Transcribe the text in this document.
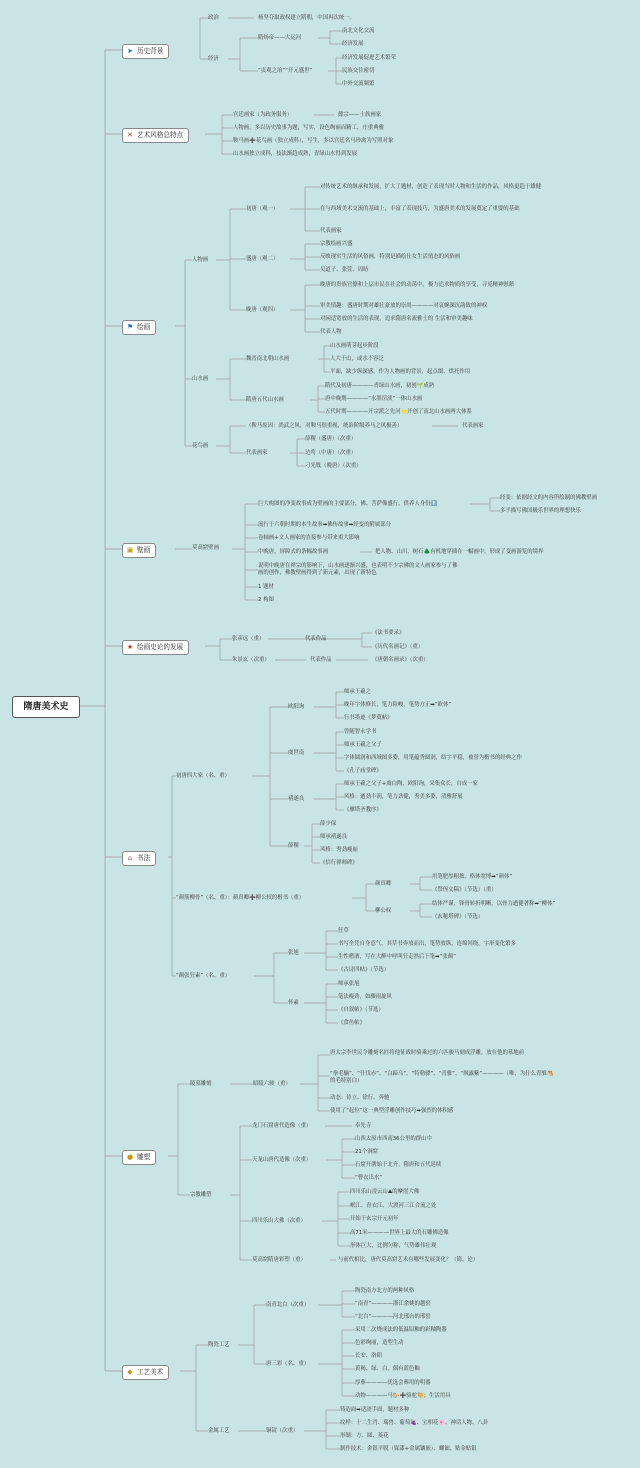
隋唐美术史
➤ 历史背景
✕ 艺术风格总特点
⚑ 绘画
▣ 壁画
★ 绘画史论的发展
⌂ 书法
● 雕塑
◆ 工艺美术
政治	杨坚夺取政权建立隋朝，中国再次统一。
经济
隋炀帝——大运河
南北文化交流
经济发展
“贞观之治”“开元盛世”
经济发展促进艺术繁荣
民族交往密切
中外交流频繁
宫廷画家（为政务服务）	懿宗——士族画家
人物画，多以历史故事为题，写实，设色绚丽而精工，庄重典雅
鞍马画➕花鸟画（独立成科），写生，多以宫廷名马珍禽为写照对象
山水画独立成科，技法渐趋成熟，青绿山水得到发展
人物画
初唐（观一）
对传统艺术的继承和发展，扩大了题材，创造了表现当时人物和生活的作品，风格更趋于雄健
在与西域美术交流的基础上，丰富了表现技巧，为盛唐美术的发展奠定了重要的基础
代表画家
盛唐（观二）
宗教绘画兴盛
反映现实生活的风俗画，特别是描绘仕女生活情态的风俗画
吴道子、张萱、周昉
晚唐（观四）
晚唐的贵族官僚和上层市民在社会的动荡中，极力追求物质的享受，寻觅精神慰藉
审美情趣：盛唐时期对雄壮豪放的崇尚————对哀婉深沉韵致的神权
对闲适宽放的生活的表现，追求隋唐名流雅士的 生活和审美趣味
代表人物
山水画
魏晋南北朝山水画
山水画萌芽起步阶段
人大于山，或水不容泛
平面，缺少纵深感，作为人物画的背景，起点缀、烘托作用
隋唐五代山水画
隋代及初唐————青绿山水画，初创🌱成熟
唐中晚期————“水墨渲淡”一体山水画
五代时期————开宗派之先河🌟开创了南北山水画两大体系
花鸟画
（鞍马原因：尚武之风，对鞍马很重视，统治阶级养马之风极善）	代表画家
代表画家
薛稷（盛唐）（次重）
边鸾（中唐）（次重）
刁光胤（晚唐）（次重）
莫高窟壁画
巨大构图的净变故事成为壁画的主要部分，佛、菩萨像盛行，供养人身份⬆️
经变：依据经文的内容所绘制的佛教壁画
多半描写佛国极乐世界的理想快乐
流行于六朝时期的本生故事➡佛传故事➡经变的附属部分
卷轴画+文人画家的直接参与带来重大影响
中晚唐，屏障式的条幅故事画	把人物、山川、树石🌲有机地穿插在一幅画中，形成了变画游览的境界
说明中晚唐在禅宗的影响下，山水画逐渐兴盛，也表明不少宗佛的文人画家参与了佛画的创作，佛教壁画得到了新元素，出现了新特色
1 题材
2 构图
张彦远（重）	代表作品
《法书要录》
《历代名画记》（重）
朱景玄（次重）	代表作品	《唐朝名画录》（次重）
初唐四大家（名、重）
欧阳询
师承王羲之
晚年字体修长，笔力险峻，笔势方正➡“欧体”
行书墨迹《梦奠帖》
虞世南
曾随智永学书
师承王羲之父子
字体圆润和西域图多姿，用笔蕴秀圆润，结字平稳，被誉为楷书的经典之作
《孔子庙堂碑》
褚遂良
师承王羲之父子+虞白陶，欧阳询，采集众长，自成一家
风格：遒劲丰润，笔力劲健，秀美多姿，清雅舒展
《雁塔圣教序》
薛稷
薛少保
师承褚遂良
风格：秀劲瘦丽
《信行禅师碑》
“颜筋柳骨”（名、重）：颜真卿➕柳公权的楷书（重）
颜真卿
用笔肥厚粗拙、格体宽博➡“颜体”
《祭侄文稿》（节选）（重）
柳公权
结体严谨，锋骨转折明晰，以骨力遒健著称➡“柳体”
《玄秘塔碑》（节选）
“颠张狂素”（名、重）
张旭
狂草
书写全凭自身意气，其草书奔放而出，笔势放纵，连绵回绕，字形变化繁多
生性嗜酒，写在大醉中呼叫狂走然后下笔➡“张颠”
《古诗四帖》（节选）
怀素
师承张旭
笔法瘦劲，如骤雨旋风
《自叙帖》（节选）
《食鱼帖》
陵墓雕刻	昭陵六骏（重）
唐太宗李世民令雕刻名匠将他征战时骑乘过的六匹骏马刻成浮雕，放在他的墓地前
“拳毛騧”、“什伐赤”、“白蹄乌”、“特勒骠”、“青骓”、“飒露紫”————（唯，为什么青骓🐴的毛特别白）
动态：侍立、徐行、奔驰
使用了“起位”这一典型浮雕创作技巧➡强烈的体积感
宗教雕塑
龙门石窟唐代造像（重）	奉先寺
天龙山唐代造像（次重）
山西太原市西南36公里的群山中
21个洞窟
石窟开凿始于北齐，隋唐和五代延续
“曹衣出水”
四川乐山大佛（次重）
四川乐山凌云山⛰的摩崖大佛
岷江、青衣江、大渡河三江合流之处
开始于玄宗开元初年
高71米————世界上最大的石雕佛造像
形体巨大，比例匀称，气势雄伟壮观
莫高窟隋唐彩塑（重）	与前代相比，唐代莫高窟艺术有哪些发展变化？（简、论）
陶瓷工艺
南青北白（次重）
陶瓷南方北方的两种风格
“南青”————浙江余姚的越窑
“北白”————河北邢台的邢窑
唐三彩（名、重）
采用二次烧成法的低温铅釉的彩釉陶器
色彩绚丽，造型生动
长安、洛阳
黄褐、绿、白，偶有蓝色釉
厚葬————优选会葬用的明器
动物————马🐎➕骆驼🐫；生活用具
金属工艺	铜镜（次重）
铸造面➡适浇手面，题材多种
纹样：十二生肖、瑞兽、葡萄🍇、宝相花🌸、神话人物、八卦
形制：方、圆、菱花
制作技术：金银平脱（髹漆+金属镶嵌）、螺钿、贴金贴银
